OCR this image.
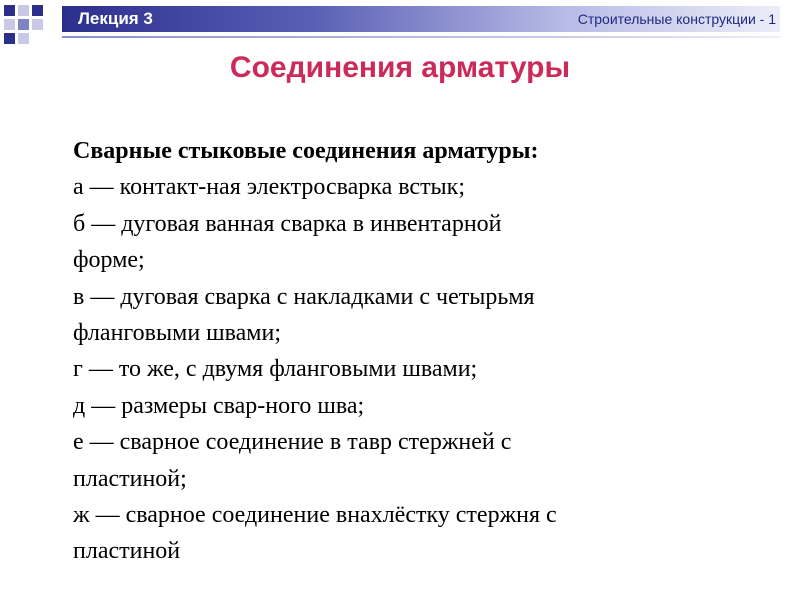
Лекция 3	Строительные конструкции - 1
Соединения арматуры
Сварные стыковые соединения арматуры:
а — контакт-ная электросварка встык;
б — дуговая ванная сварка в инвентарной
форме;
в — дуговая сварка с накладками с четырьмя
фланговыми швами;
г — то же, с двумя фланговыми швами;
д — размеры свар-ного шва;
е — сварное соединение в тавр стержней с
пластиной;
ж — сварное соединение внахлёстку стержня с
пластиной
